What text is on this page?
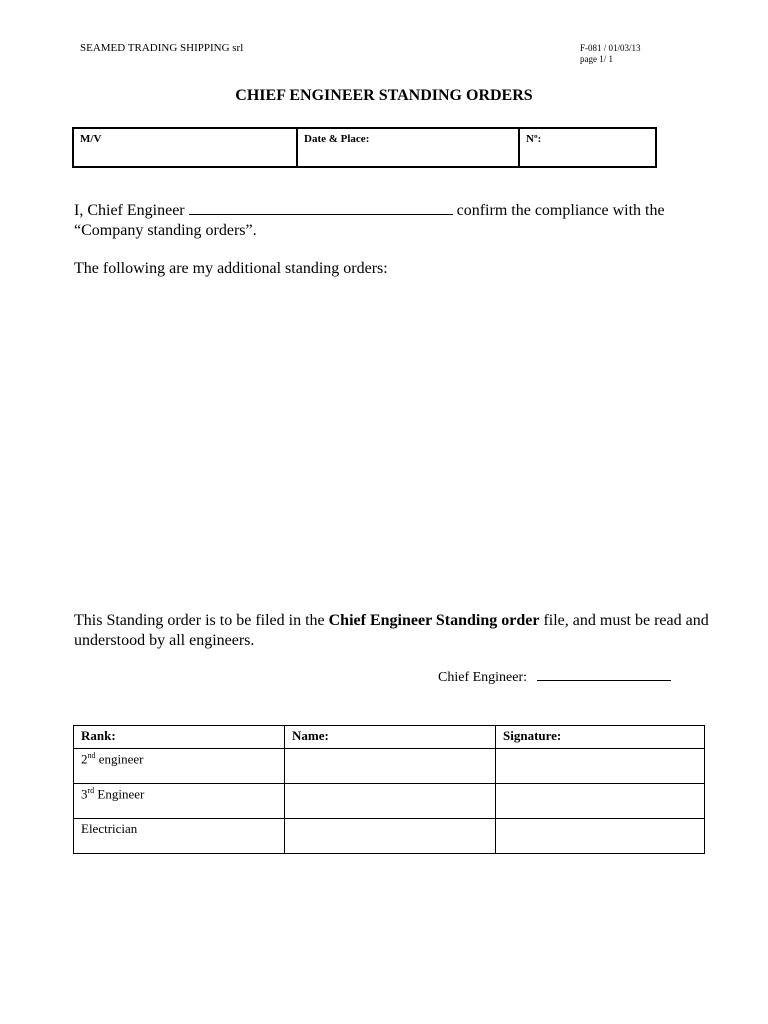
SEAMED TRADING SHIPPING srl	F-081 / 01/03/13
page 1/ 1
CHIEF ENGINEER STANDING ORDERS
M/V	Date & Place:	Nº:
I, Chief Engineer	confirm the compliance with the “Company standing orders”.
The following are my additional standing orders:
This Standing order is to be filed in the Chief Engineer Standing order file, and must be read and understood by all engineers.
Chief Engineer:
Rank:	Name:	Signature:
2nd engineer		
3rd Engineer		
Electrician		
